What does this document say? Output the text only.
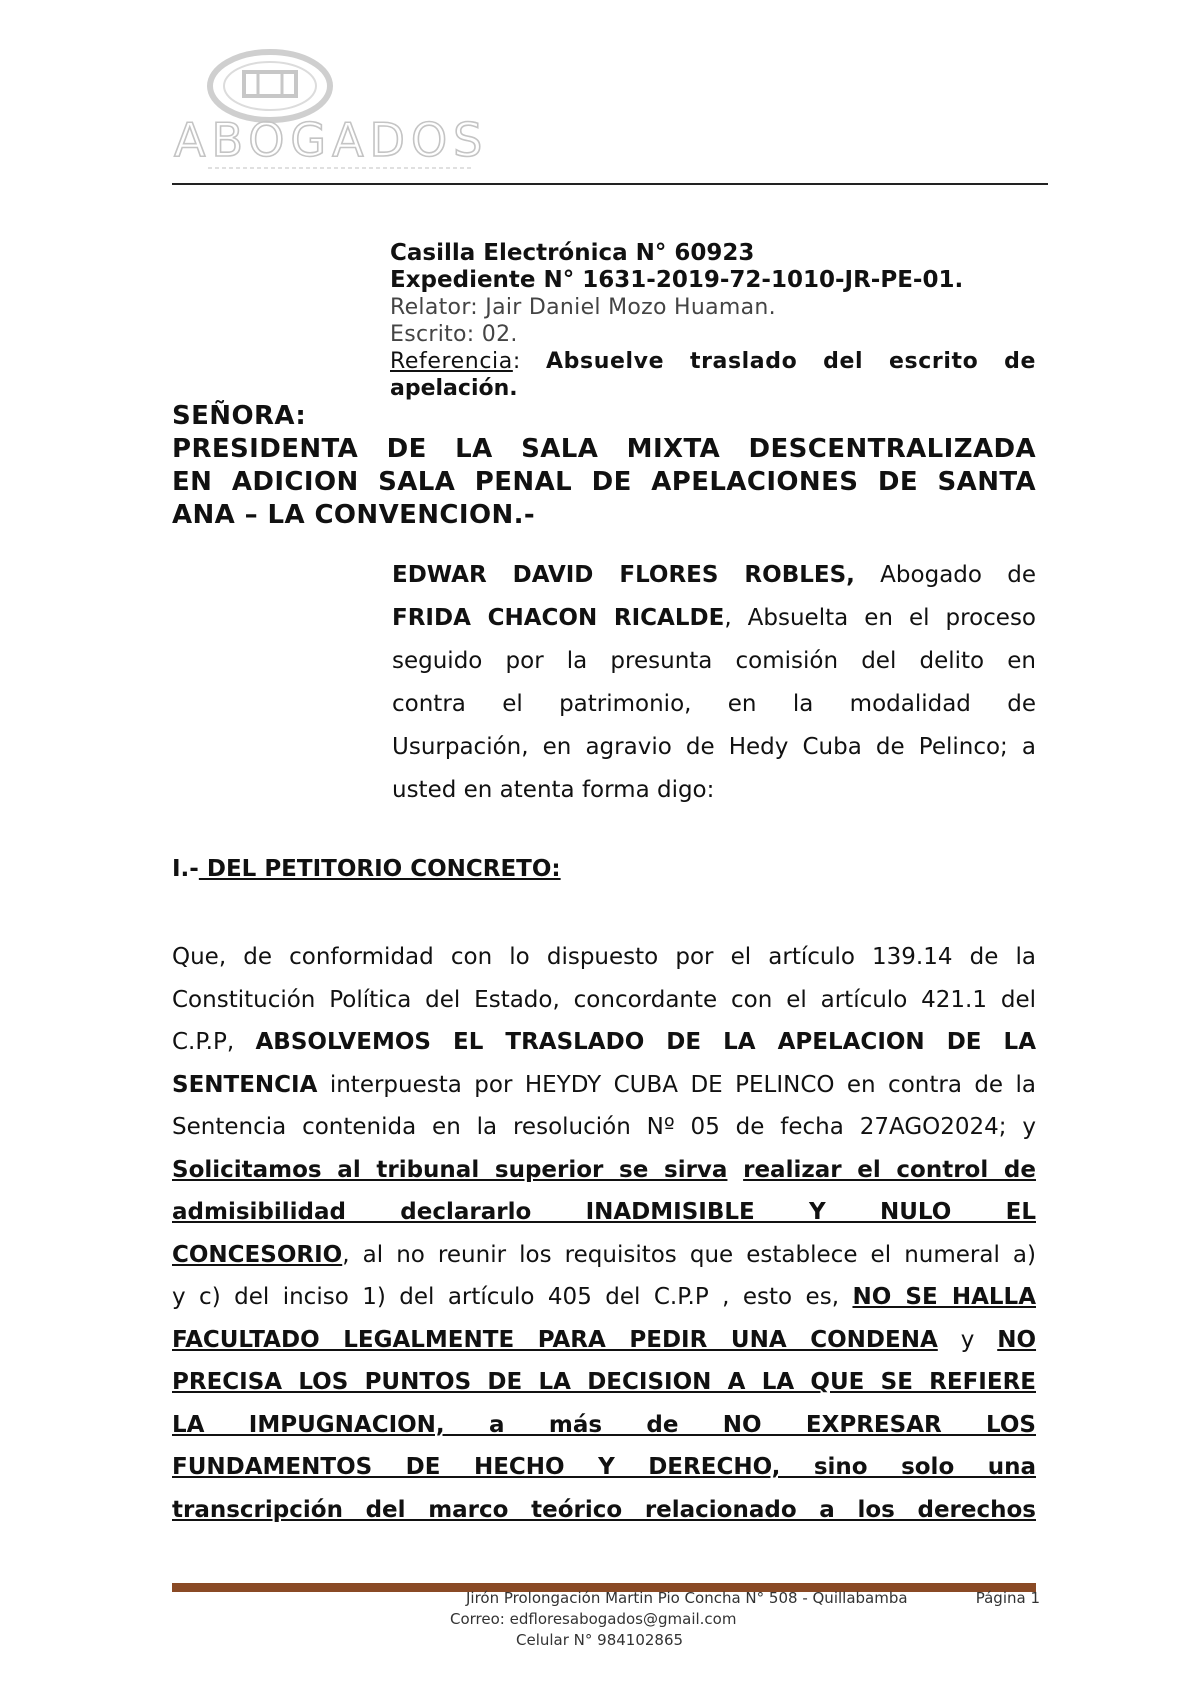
ABOGADOS
Casilla Electrónica N° 60923
Expediente N° 1631-2019-72-1010-JR-PE-01.
Relator: Jair Daniel Mozo Huaman.
Escrito: 02.
Referencia: Absuelve traslado del escrito de
apelación.
SEÑORA:
PRESIDENTA DE LA SALA MIXTA DESCENTRALIZADA
EN ADICION SALA PENAL DE APELACIONES DE SANTA
ANA – LA CONVENCION.-
EDWAR DAVID FLORES ROBLES, Abogado de
FRIDA CHACON RICALDE, Absuelta en el proceso
seguido por la presunta comisión del delito en
contra el patrimonio, en la modalidad de
Usurpación, en agravio de Hedy Cuba de Pelinco; a
usted en atenta forma digo:
I.- DEL PETITORIO CONCRETO:
Que, de conformidad con lo dispuesto por el artículo 139.14 de la
Constitución Política del Estado, concordante con el artículo 421.1 del
C.P.P, ABSOLVEMOS EL TRASLADO DE LA APELACION DE LA
SENTENCIA interpuesta por HEYDY CUBA DE PELINCO en contra de la
Sentencia contenida en la resolución Nº 05 de fecha 27AGO2024; y
Solicitamos al tribunal superior se sirva realizar el control de
admisibilidad declararlo INADMISIBLE Y NULO EL
CONCESORIO, al no reunir los requisitos que establece el numeral a)
y c) del inciso 1) del artículo 405 del C.P.P , esto es, NO SE HALLA
FACULTADO LEGALMENTE PARA PEDIR UNA CONDENA y NO
PRECISA LOS PUNTOS DE LA DECISION A LA QUE SE REFIERE
LA IMPUGNACION, a más de NO EXPRESAR LOS
FUNDAMENTOS DE HECHO Y DERECHO, sino solo una
transcripción del marco teórico relacionado a los derechos
Jirón Prolongación Martin Pio Concha N° 508 - Quillabamba	Página 1
Correo: edfloresabogados@gmail.com
Celular N° 984102865
